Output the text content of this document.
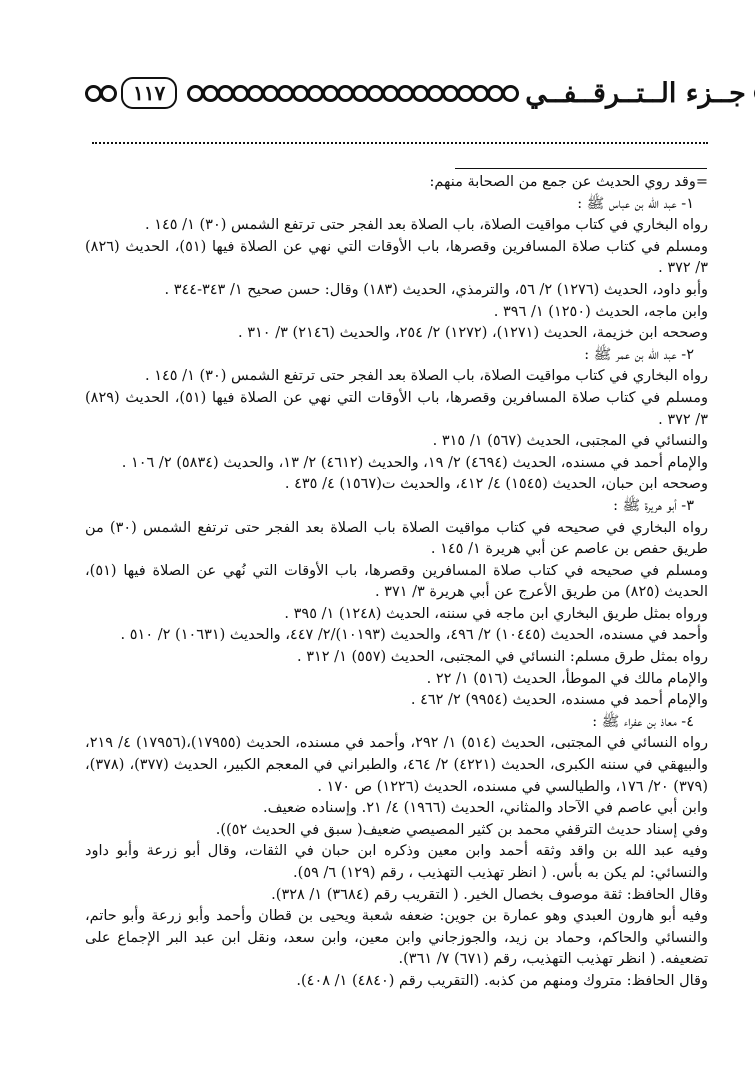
١١٧	جــزء الــتــرقــفــي

=وقد روي الحديث عن جمع من الصحابة منهم:

١- عبد الله بن عباس ﷺ :

رواه البخاري في كتاب مواقيت الصلاة، باب الصلاة بعد الفجر حتى ترتفع الشمس (٣٠) ١/ ١٤٥ .

ومسلم في كتاب صلاة المسافرين وقصرها، باب الأوقات التي نهي عن الصلاة فيها (٥١)، الحديث (٨٢٦) ٣/ ٣٧٢ .

وأبو داود، الحديث (١٢٧٦) ٢/ ٥٦، والترمذي، الحديث (١٨٣) وقال: حسن صحيح ١/ ٣٤٣-٣٤٤ .

وابن ماجه، الحديث (١٢٥٠) ١/ ٣٩٦ .

وصححه ابن خزيمة، الحديث (١٢٧١)، (١٢٧٢) ٢/ ٢٥٤، والحديث (٢١٤٦) ٣/ ٣١٠ .

٢- عبد الله بن عمر ﷺ :

رواه البخاري في كتاب مواقيت الصلاة، باب الصلاة بعد الفجر حتى ترتفع الشمس (٣٠) ١/ ١٤٥ .

ومسلم في كتاب صلاة المسافرين وقصرها، باب الأوقات التي نهي عن الصلاة فيها (٥١)، الحديث (٨٢٩) ٣/ ٣٧٢ .

والنسائي في المجتبى، الحديث (٥٦٧) ١/ ٣١٥ .

والإمام أحمد في مسنده، الحديث (٤٦٩٤) ٢/ ١٩، والحديث (٤٦١٢) ٢/ ١٣، والحديث (٥٨٣٤) ٢/ ١٠٦ .

وصححه ابن حبان، الحديث (١٥٤٥) ٤/ ٤١٢، والحديث ت(١٥٦٧) ٤/ ٤٣٥ .

٣- أبو هريرة ﷺ :

رواه البخاري في صحيحه في كتاب مواقيت الصلاة باب الصلاة بعد الفجر حتى ترتفع الشمس (٣٠) من طريق حفص بن عاصم عن أبي هريرة ١/ ١٤٥ .

ومسلم في صحيحه في كتاب صلاة المسافرين وقصرها، باب الأوقات التي نُهي عن الصلاة فيها (٥١)، الحديث (٨٢٥) من طريق الأعرج عن أبي هريرة ٣/ ٣٧١ .

ورواه بمثل طريق البخاري ابن ماجه في سننه، الحديث (١٢٤٨) ١/ ٣٩٥ .

وأحمد في مسنده، الحديث (١٠٤٤٥) ٢/ ٤٩٦، والحديث (١٠١٩٣)/٢/ ٤٤٧، والحديث (١٠٦٣١) ٢/ ٥١٠ .

رواه بمثل طرق مسلم: النسائي في المجتبى، الحديث (٥٥٧) ١/ ٣١٢ .

والإمام مالك في الموطأ، الحديث (٥١٦) ١/ ٢٢ .

والإمام أحمد في مسنده، الحديث (٩٩٥٤) ٢/ ٤٦٢ .

٤- معاذ بن عفراء ﷺ :

رواه النسائي في المجتبى، الحديث (٥١٤) ١/ ٢٩٢، وأحمد في مسنده، الحديث (١٧٩٥٥)،(١٧٩٥٦) ٤/ ٢١٩، والبيهقي في سننه الكبرى، الحديث (٤٢٢١) ٢/ ٤٦٤، والطبراني في المعجم الكبير، الحديث (٣٧٧)، (٣٧٨)، (٣٧٩) ٢٠/ ١٧٦، والطيالسي في مسنده، الحديث (١٢٢٦) ص ١٧٠ .

وابن أبي عاصم في الآحاد والمثاني، الحديث (١٩٦٦) ٤/ ٢١. وإسناده ضعيف.

وفي إسناد حديث الترقفي محمد بن كثير المصيصي ضعيف( سبق في الحديث ٥٢)).

وفيه عبد الله بن واقد وثقه أحمد وابن معين وذكره ابن حبان في الثقات، وقال أبو زرعة وأبو داود والنسائي: لم يكن به بأس. ( انظر تهذيب التهذيب ، رقم (١٢٩) ٦/ ٥٩).

وقال الحافظ: ثقة موصوف بخصال الخير. ( التقريب رقم (٣٦٨٤) ١/ ٣٢٨).

وفيه أبو هارون العبدي وهو عمارة بن جوين: ضعفه شعبة ويحيى بن قطان وأحمد وأبو زرعة وأبو حاتم، والنسائي والحاكم، وحماد بن زيد، والجوزجاني وابن معين، وابن سعد، ونقل ابن عبد البر الإجماع على تضعيفه. ( انظر تهذيب التهذيب، رقم (٦٧١) ٧/ ٣٦١).

وقال الحافظ: متروك ومنهم من كذبه. (التقريب رقم (٤٨٤٠) ١/ ٤٠٨).
